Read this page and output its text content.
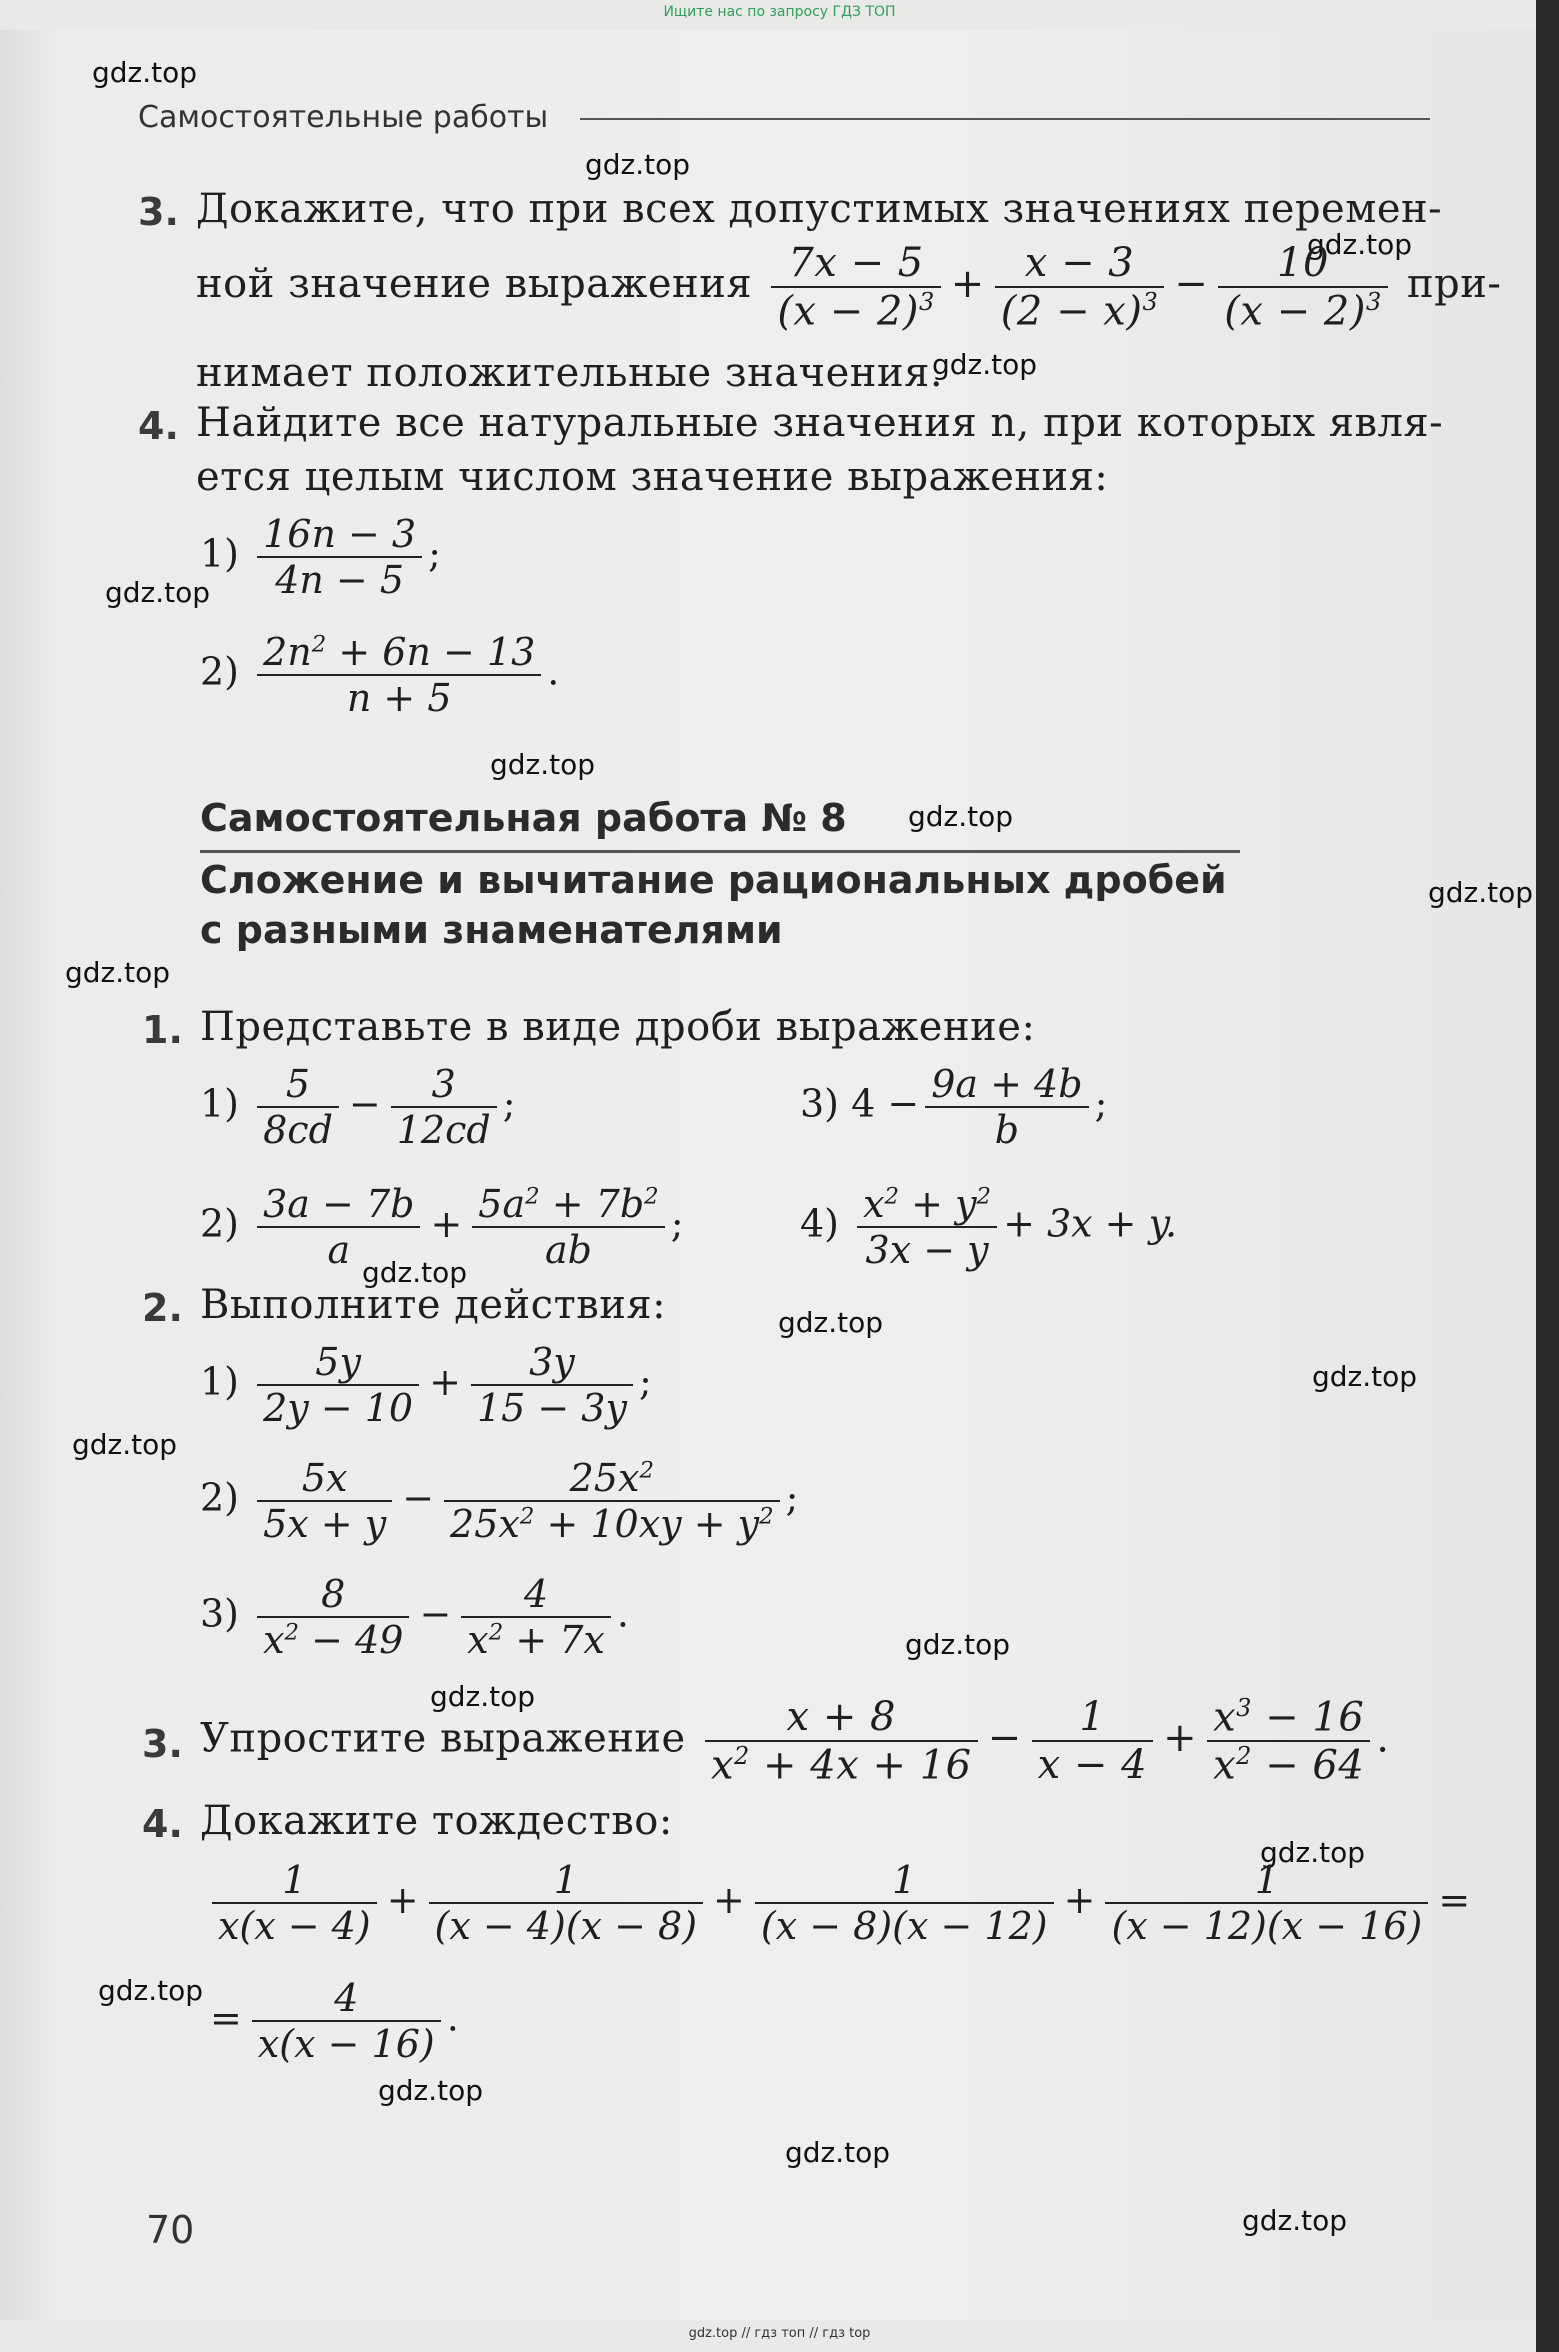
Ищите нас по запросу ГДЗ ТОП
gdz.top // гдз топ // гдз top
gdz.top
gdz.top
gdz.top
gdz.top
gdz.top
gdz.top
gdz.top
gdz.top
gdz.top
gdz.top
gdz.top
gdz.top
gdz.top
gdz.top
gdz.top
gdz.top
gdz.top
gdz.top
gdz.top
gdz.top
Самостоятельные работы
3. Докажите, что при всех допустимых значениях перемен-
ной значение выражения $\frac{7x - 5}{(x - 2)^3} + \frac{x - 3}{(2 - x)^3} - \frac{10}{(x - 2)^3} при-$
нимает положительные значения.
4. Найдите все натуральные значения n, при которых явля-
ется целым числом значение выражения:
$1) \frac{16n - 3}{4n - 5}$ ;
$2) \frac{2n^2 + 6n - 13}{n + 5}$ .
Самостоятельная работа № 8
Сложение и вычитание рациональных дробей
с разными знаменателями
1. Представьте в виде дроби выражение:
$1) \frac{5}{8cd} - \frac{3}{12cd}$ ;	3) $4 - \frac{9a + 4b}{b}$ ;
$2) \frac{3a - 7b}{a} + \frac{5a^2 + 7b^2}{ab}$ ;	$4) \frac{x^2 + y^2}{3x - y} + 3x + y$.
2. Выполните действия:
$1) \frac{5y}{2y - 10} + \frac{3y}{15 - 3y}$ ;
$2) \frac{5x}{5x + y} - \frac{25x^2}{25x^2 + 10xy + y^2}$ ;
$3) \frac{8}{x^2 - 49} - \frac{4}{x^2 + 7x}$ .
3. Упростите выражение $\frac{x + 8}{x^2 + 4x + 16} - \frac{1}{x - 4} + \frac{x^3 - 16}{x^2 - 64}$ .
4. Докажите тождество:
$\frac{1}{x(x - 4)} + \frac{1}{(x - 4)(x - 8)} + \frac{1}{(x - 8)(x - 12)} + \frac{1}{(x - 12)(x - 16)}$ =
= $\frac{4}{x(x - 16)}$ .
70
